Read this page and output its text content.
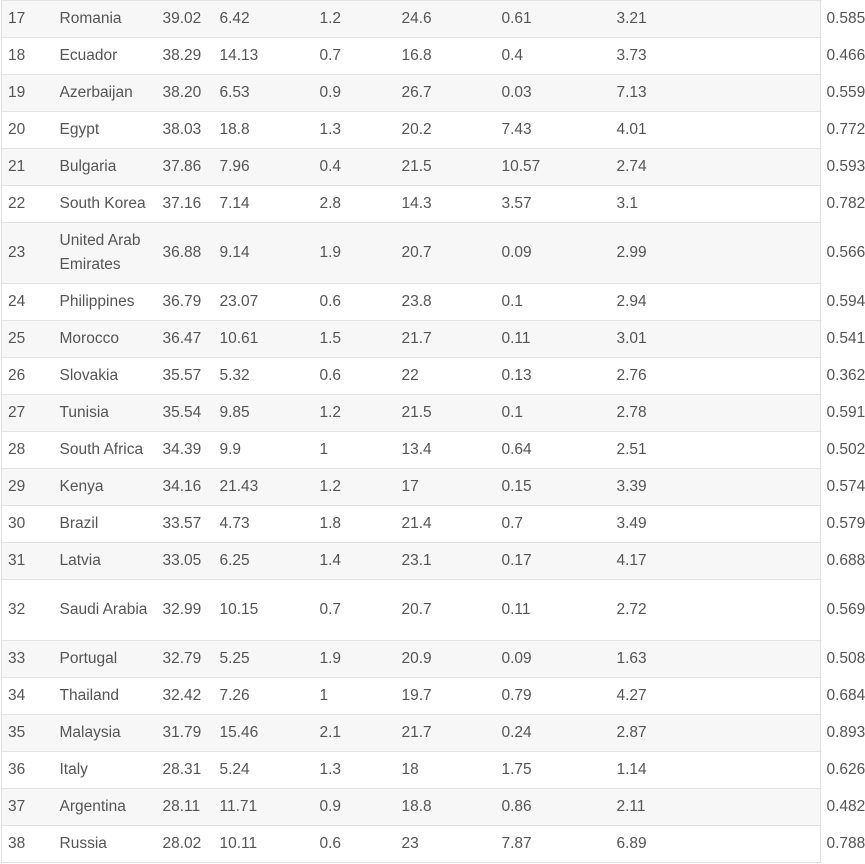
17	Romania	39.02	6.42	1.2	24.6	0.61	3.21	0.585
18	Ecuador	38.29	14.13	0.7	16.8	0.4	3.73	0.466
19	Azerbaijan	38.20	6.53	0.9	26.7	0.03	7.13	0.559
20	Egypt	38.03	18.8	1.3	20.2	7.43	4.01	0.772
21	Bulgaria	37.86	7.96	0.4	21.5	10.57	2.74	0.593
22	South Korea	37.16	7.14	2.8	14.3	3.57	3.1	0.782
23	United Arab Emirates	36.88	9.14	1.9	20.7	0.09	2.99	0.566
24	Philippines	36.79	23.07	0.6	23.8	0.1	2.94	0.594
25	Morocco	36.47	10.61	1.5	21.7	0.11	3.01	0.541
26	Slovakia	35.57	5.32	0.6	22	0.13	2.76	0.362
27	Tunisia	35.54	9.85	1.2	21.5	0.1	2.78	0.591
28	South Africa	34.39	9.9	1	13.4	0.64	2.51	0.502
29	Kenya	34.16	21.43	1.2	17	0.15	3.39	0.574
30	Brazil	33.57	4.73	1.8	21.4	0.7	3.49	0.579
31	Latvia	33.05	6.25	1.4	23.1	0.17	4.17	0.688
32	Saudi Arabia	32.99	10.15	0.7	20.7	0.11	2.72	0.569
33	Portugal	32.79	5.25	1.9	20.9	0.09	1.63	0.508
34	Thailand	32.42	7.26	1	19.7	0.79	4.27	0.684
35	Malaysia	31.79	15.46	2.1	21.7	0.24	2.87	0.893
36	Italy	28.31	5.24	1.3	18	1.75	1.14	0.626
37	Argentina	28.11	11.71	0.9	18.8	0.86	2.11	0.482
38	Russia	28.02	10.11	0.6	23	7.87	6.89	0.788
